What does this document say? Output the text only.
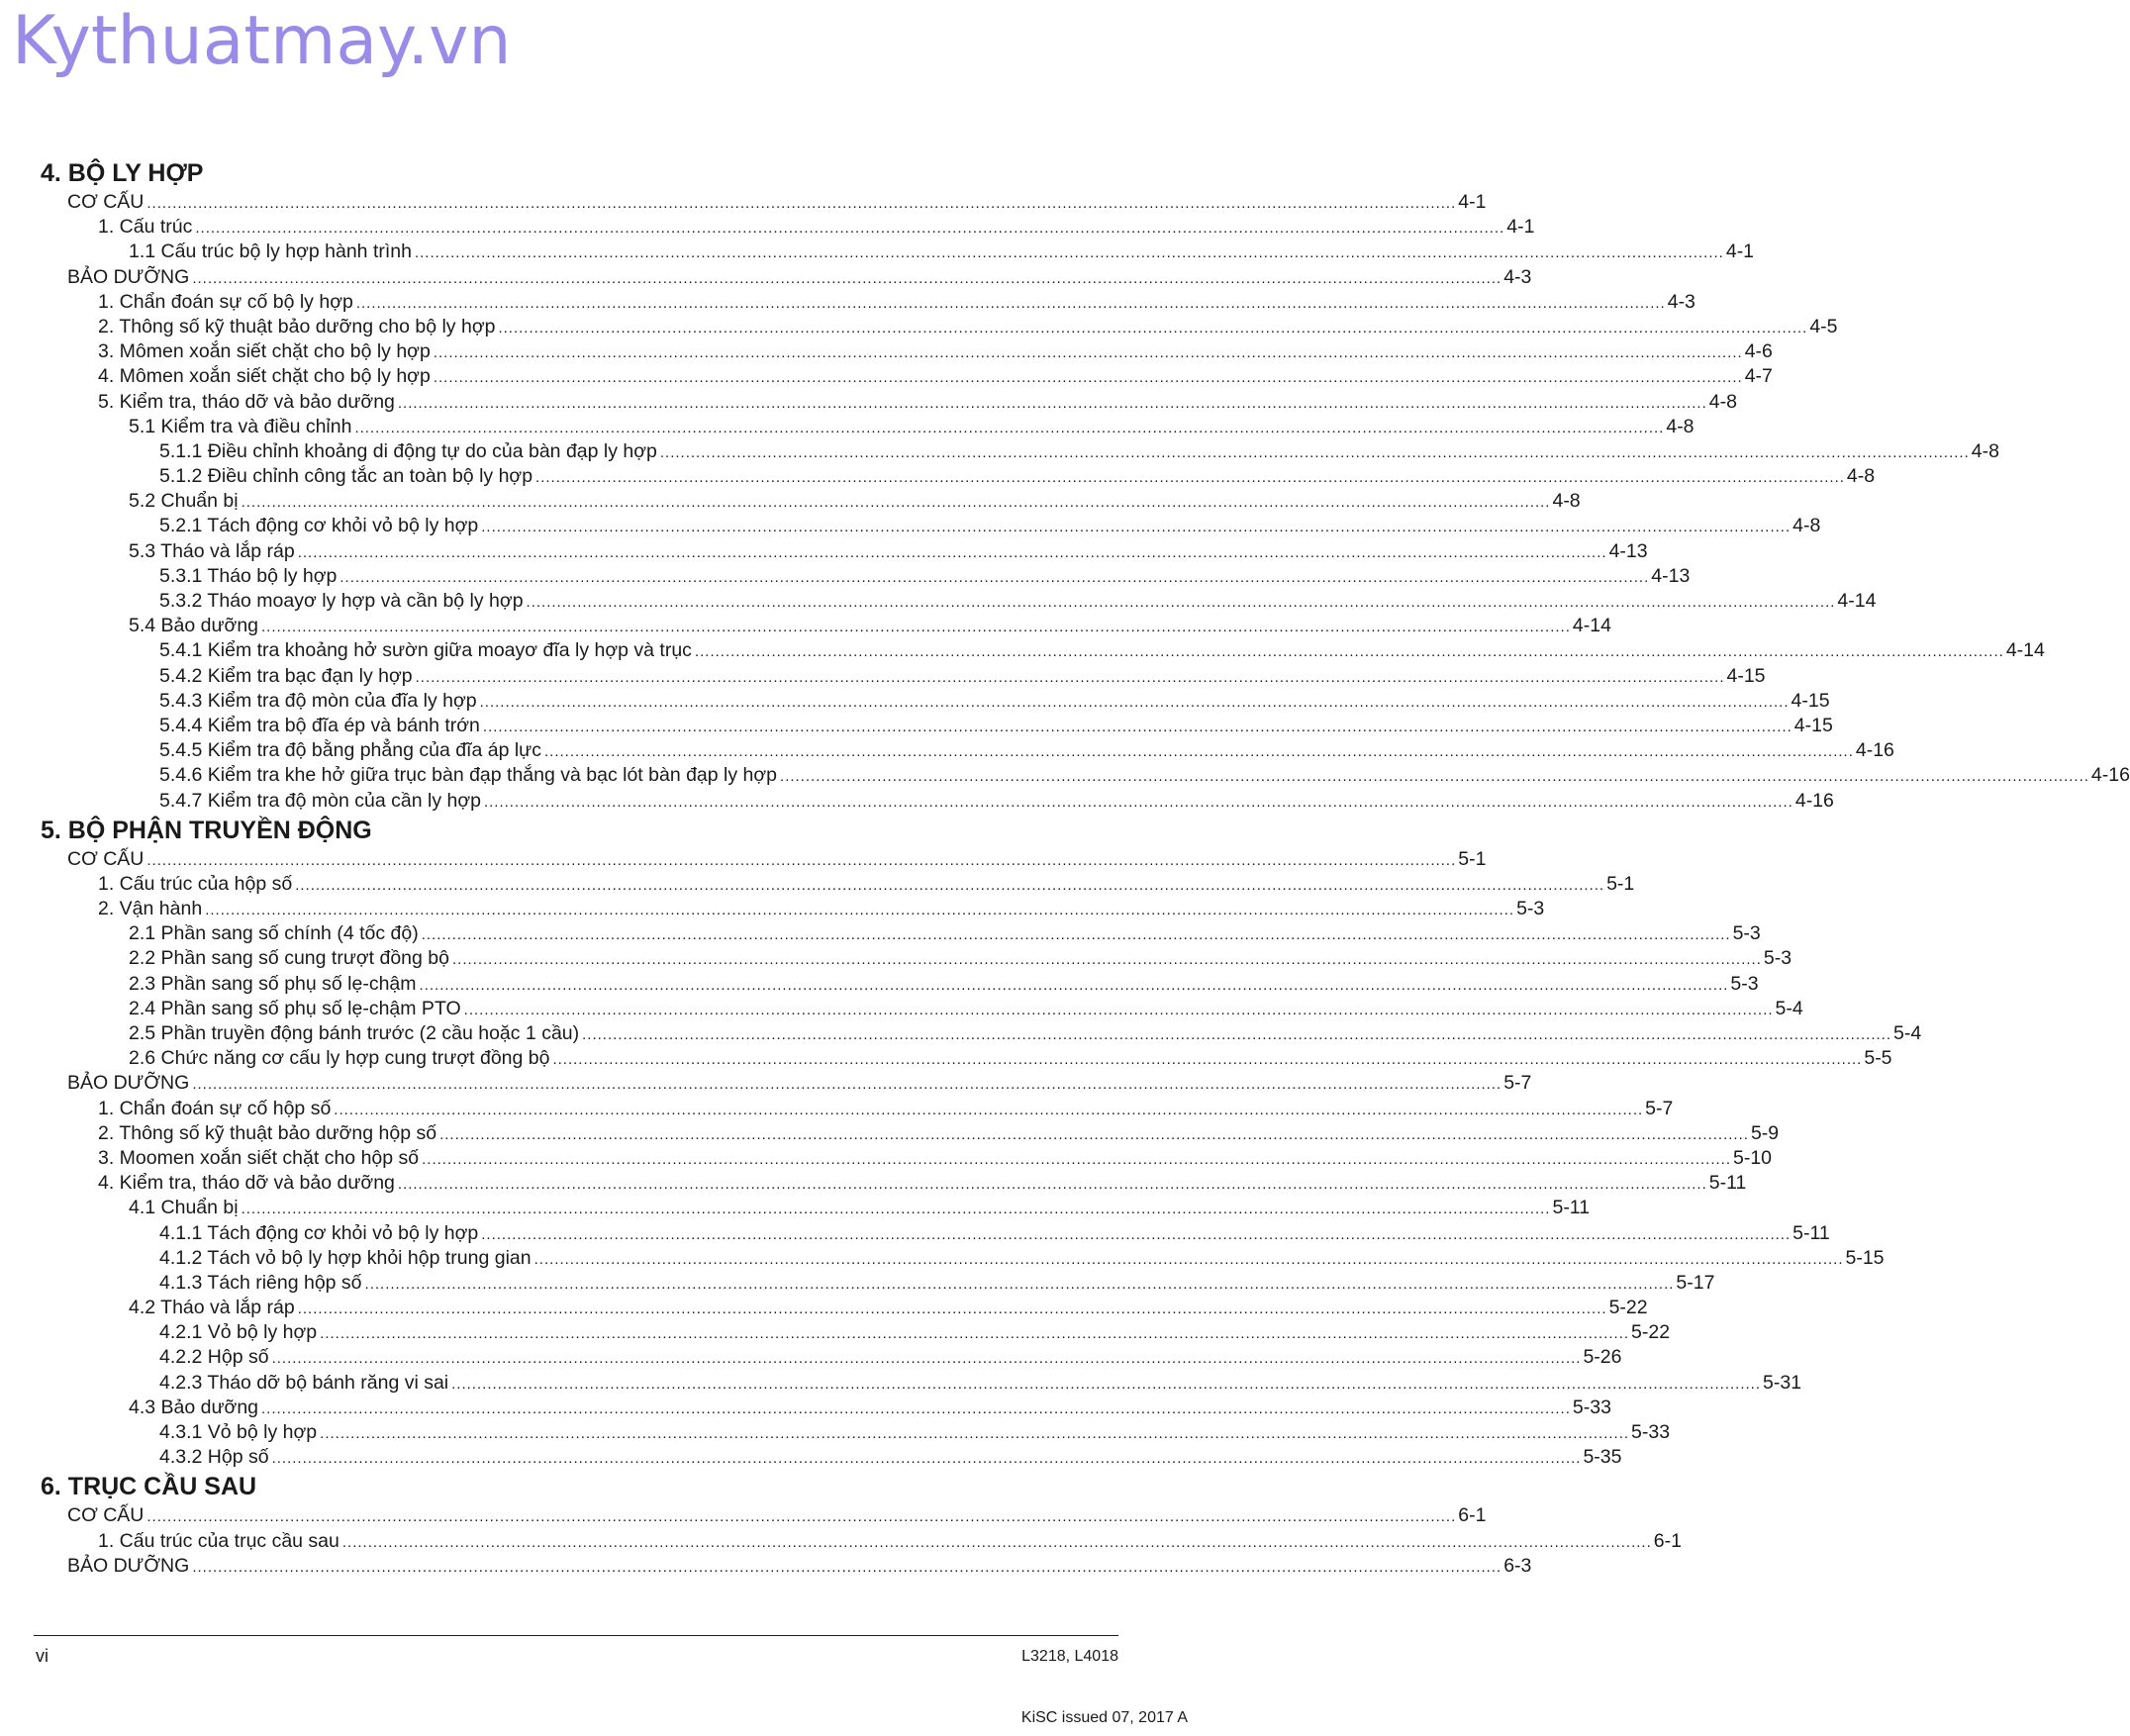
Kythuatmay.vn
4. BỘ LY HỢP
CƠ CẤU .....	4-1
1. Cấu trúc .....	4-1
1.1 Cấu trúc bộ ly hợp hành trình .....	4-1
BẢO DƯỠNG .....	4-3
1. Chẩn đoán sự cố bộ ly hợp .....	4-3
2. Thông số kỹ thuật bảo dưỡng cho bộ ly hợp .....	4-5
3. Mômen xoắn siết chặt cho bộ ly hợp .....	4-6
4. Mômen xoắn siết chặt cho bộ ly hợp .....	4-7
5. Kiểm tra, tháo dỡ và bảo dưỡng .....	4-8
5.1 Kiểm tra và điều chỉnh .....	4-8
5.1.1 Điều chỉnh khoảng di động tự do của bàn đạp ly hợp .....	4-8
5.1.2 Điều chỉnh công tắc an toàn bộ ly hợp .....	4-8
5.2 Chuẩn bị .....	4-8
5.2.1 Tách động cơ khỏi vỏ bộ ly hợp .....	4-8
5.3 Tháo và lắp ráp .....	4-13
5.3.1 Tháo bộ ly hợp .....	4-13
5.3.2 Tháo moayơ ly hợp và cần bộ ly hợp .....	4-14
5.4 Bảo dưỡng .....	4-14
5.4.1 Kiểm tra khoảng hở sườn giữa moayơ đĩa ly hợp và trục .....	4-14
5.4.2 Kiểm tra bạc đạn ly hợp .....	4-15
5.4.3 Kiểm tra độ mòn của đĩa ly hợp .....	4-15
5.4.4 Kiểm tra bộ đĩa ép và bánh trớn .....	4-15
5.4.5 Kiểm tra độ bằng phẳng của đĩa áp lực .....	4-16
5.4.6 Kiểm tra khe hở giữa trục bàn đạp thắng và bạc lót bàn đạp ly hợp .....	4-16
5.4.7 Kiểm tra độ mòn của cần ly hợp .....	4-16
5. BỘ PHẬN TRUYỀN ĐỘNG
CƠ CẤU .....	5-1
1. Cấu trúc của hộp số .....	5-1
2. Vận hành .....	5-3
2.1 Phần sang số chính (4 tốc độ) .....	5-3
2.2 Phần sang số cung trượt đồng bộ .....	5-3
2.3 Phần sang số phụ số lẹ-chậm .....	5-3
2.4 Phần sang số phụ số lẹ-chậm PTO .....	5-4
2.5 Phần truyền động bánh trước (2 cầu hoặc 1 cầu) .....	5-4
2.6 Chức năng cơ cấu ly hợp cung trượt đồng bộ .....	5-5
BẢO DƯỠNG .....	5-7
1. Chẩn đoán sự cố hộp số .....	5-7
2. Thông số kỹ thuật bảo dưỡng hộp số .....	5-9
3. Moomen xoắn siết chặt cho hộp số .....	5-10
4. Kiểm tra, tháo dỡ và bảo dưỡng .....	5-11
4.1 Chuẩn bị .....	5-11
4.1.1 Tách động cơ khỏi vỏ bộ ly hợp .....	5-11
4.1.2 Tách vỏ bộ ly hợp khỏi hộp trung gian .....	5-15
4.1.3 Tách riêng hộp số .....	5-17
4.2 Tháo và lắp ráp .....	5-22
4.2.1 Vỏ bộ ly hợp .....	5-22
4.2.2 Hộp số .....	5-26
4.2.3 Tháo dỡ bộ bánh răng vi sai .....	5-31
4.3 Bảo dưỡng .....	5-33
4.3.1 Vỏ bộ ly hợp .....	5-33
4.3.2 Hộp số .....	5-35
6. TRỤC CẦU SAU
CƠ CẤU .....	6-1
1. Cấu trúc của trục cầu sau .....	6-1
BẢO DƯỠNG .....	6-3
vi	L3218, L4018
KiSC issued 07, 2017 A
